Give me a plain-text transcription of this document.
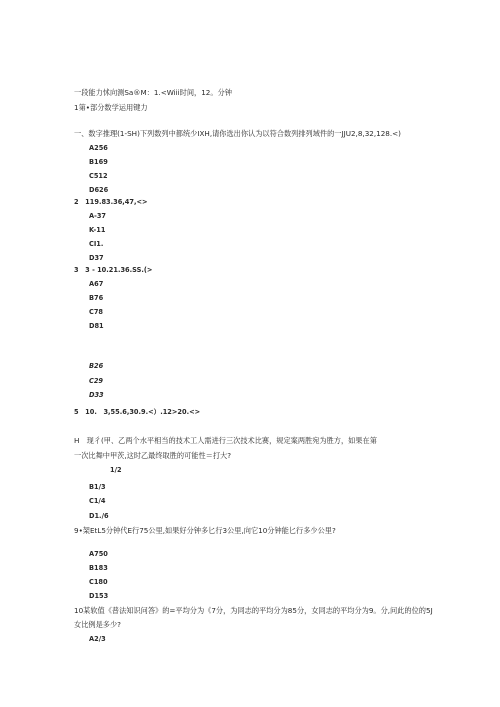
一段能力怵向测Sa®M：1.<Wiii时间，12。分钟
1第•部分数学运用键力
一、数字推理(1-SH)下列数列中都统少IXH,请你选出你认为以符合数列排列域件的一JJU2,8,32,128.<)
A256
B169
C512
D626
2　119.83.36,47,<>
A-37
K-11
CI1.
D37
3　3 - 10.21.36.SS.(>
A67
B76
C78
D81
B26
C29
D33
5　10.　3,55.6,30.9.<）.12>20.<>
H　现彳(甲、乙两个水平相当的技术工人需进行三次技术比赛，规定案两胜宛为胜方，如果在第
一次比舞中甲茨,这时乙最终取胜的可能性＝打大?
1/2
B1/3
C1/4
D1./6
9•架EtL5分钟代E行75公里,如果好分钟多匕行3公里,向它10分钟能匕行多少公里?
A750
B183
C180
D153
10某软值《普法知识问答》的=平均分为《7分，为同志的平均分为85分，女同志的平均分为9。分,问此的位的5J
女比例是多少?
A2/3
